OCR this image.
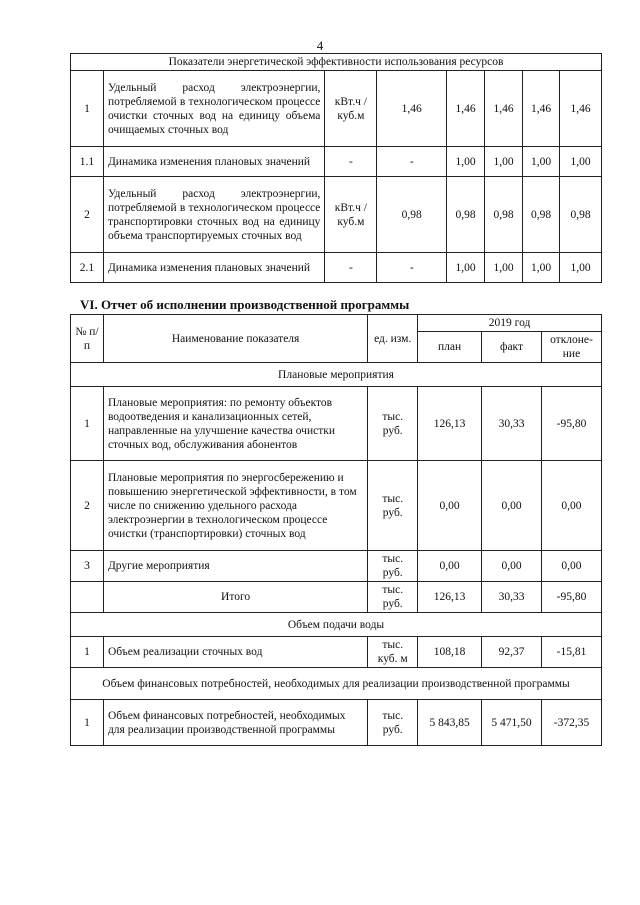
4
Показатели энергетической эффективности использования ресурсов							
1	Удельный расход электроэнергии, потребляемой в технологическом процессе очистки сточных вод на единицу объема очищаемых сточных вод	кВт.ч / куб.м	1,46	1,46	1,46	1,46	1,46
1.1	Динамика изменения плановых значений	-	-	1,00	1,00	1,00	1,00
2	Удельный расход электроэнергии, потребляемой в технологическом процессе транспортировки сточных вод на единицу объема транспортируемых сточных вод	кВт.ч / куб.м	0,98	0,98	0,98	0,98	0,98
2.1	Динамика изменения плановых значений	-	-	1,00	1,00	1,00	1,00
VI. Отчет об исполнении производственной программы
№ п/п	Наименование показателя	ед. изм.	2019 год		
			план	факт	отклоне-ние
Плановые мероприятия					
1	Плановые мероприятия: по ремонту объектов водоотведения и канализационных сетей, направленные на улучшение качества очистки сточных вод, обслуживания абонентов	тыс. руб.	126,13	30,33	-95,80
2	Плановые мероприятия по энергосбережению и повышению энергетической эффективности, в том числе по снижению удельного расхода электроэнергии в технологическом процессе очистки (транспортировки) сточных вод	тыс. руб.	0,00	0,00	0,00
3	Другие мероприятия	тыс. руб.	0,00	0,00	0,00
	Итого	тыс. руб.	126,13	30,33	-95,80
Объем подачи воды					
1	Объем реализации сточных вод	тыс. куб. м	108,18	92,37	-15,81
Объем финансовых потребностей, необходимых для реализации производственной программы					
1	Объем финансовых потребностей, необходимых для реализации производственной программы	тыс. руб.	5 843,85	5 471,50	-372,35
